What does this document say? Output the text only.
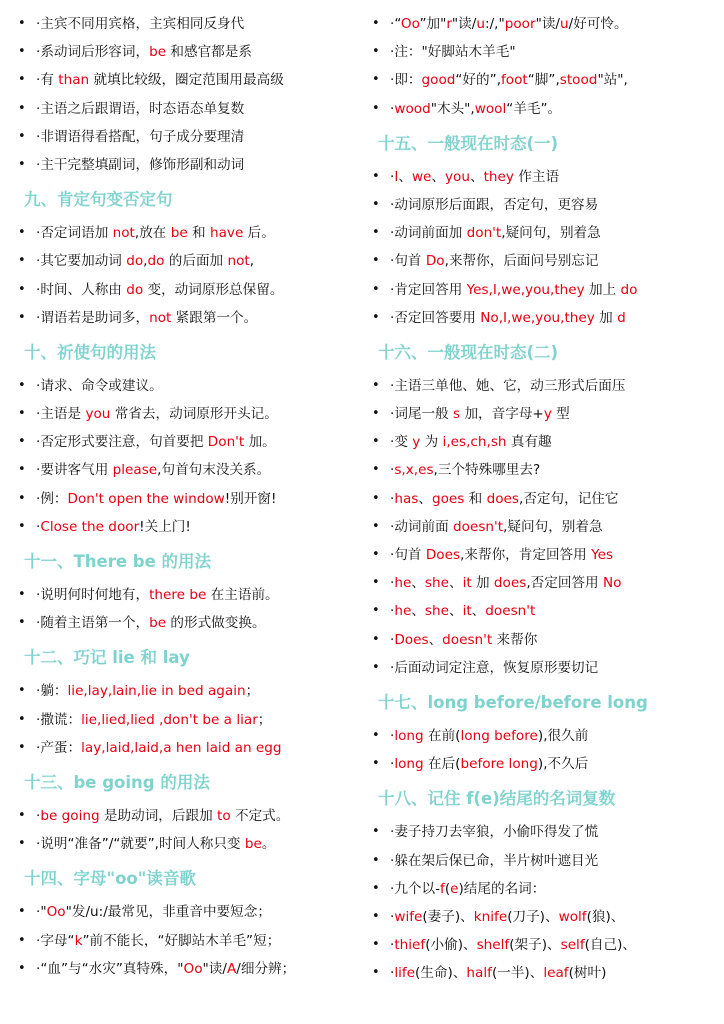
• ·主宾不同用宾格，主宾相同反身代
• ·系动词后形容词，be 和感官都是系
• ·有 than 就填比较级，圈定范围用最高级
• ·主语之后跟谓语，时态语态单复数
• ·非谓语得看搭配，句子成分要理清
• ·主干完整填副词，修饰形副和动词
九、肯定句变否定句
• ·否定词语加 not,放在 be 和 have 后。
• ·其它要加动词 do,do 的后面加 not,
• ·时间、人称由 do 变，动词原形总保留。
• ·谓语若是助词多，not 紧跟第一个。
十、祈使句的用法
• ·请求、命令或建议。
• ·主语是 you 常省去，动词原形开头记。
• ·否定形式要注意，句首要把 Don't 加。
• ·要讲客气用 please,句首句末没关系。
• ·例：Don't open the window!别开窗!
• ·Close the door!关上门!
十一、There be 的用法
• ·说明何时何地有，there be 在主语前。
• ·随着主语第一个，be 的形式做变换。
十二、巧记 lie 和 lay
• ·躺：lie,lay,lain,lie in bed again；
• ·撒谎：lie,lied,lied ,don't be a liar；
• ·产蛋：lay,laid,laid,a hen laid an egg
十三、be going 的用法
• ·be going 是助动词，后跟加 to 不定式。
• ·说明“准备”/“就要”,时间人称只变 be。
十四、字母"oo"读音歌
• ·"Oo"发/u:/最常见，非重音中要短念；
• ·字母“k”前不能长，“好脚站木羊毛”短；
• ·“血”与“水灾”真特殊，"Oo"读/A/细分辨；
• ·“Oo”加"r"读/u:/,"poor"读/u/好可怜。
• ·注："好脚站木羊毛"
• ·即：good“好的”,foot“脚”,stood"站",
• ·wood"木头",wool“羊毛”。
十五、一般现在时态(一)
• ·I、we、you、they 作主语
• ·动词原形后面跟，否定句，更容易
• ·动词前面加 don't,疑问句，别着急
• ·句首 Do,来帮你，后面问号别忘记
• ·肯定回答用 Yes,I,we,you,they 加上 do
• ·否定回答要用 No,I,we,you,they 加 d
十六、一般现在时态(二)
• ·主语三单他、她、它，动三形式后面压
• ·词尾一般 s 加，音字母+y 型
• ·变 y 为 i,es,ch,sh 真有趣
• ·s,x,es,三个特殊哪里去?
• ·has、goes 和 does,否定句，记住它
• ·动词前面 doesn't,疑问句，别着急
• ·句首 Does,来帮你，肯定回答用 Yes
• ·he、she、it 加 does,否定回答用 No
• ·he、she、it、doesn't
• ·Does、doesn't 来帮你
• ·后面动词定注意，恢复原形要切记
十七、long before/before long
• ·long 在前(long before),很久前
• ·long 在后(before long),不久后
十八、记住 f(e)结尾的名词复数
• ·妻子持刀去宰狼，小偷吓得发了慌
• ·躲在架后保已命，半片树叶遮目光
• ·九个以-f(e)结尾的名词：
• ·wife(妻子)、knife(刀子)、wolf(狼)、
• ·thief(小偷)、shelf(架子)、self(自己)、
• ·life(生命)、half(一半)、leaf(树叶)
